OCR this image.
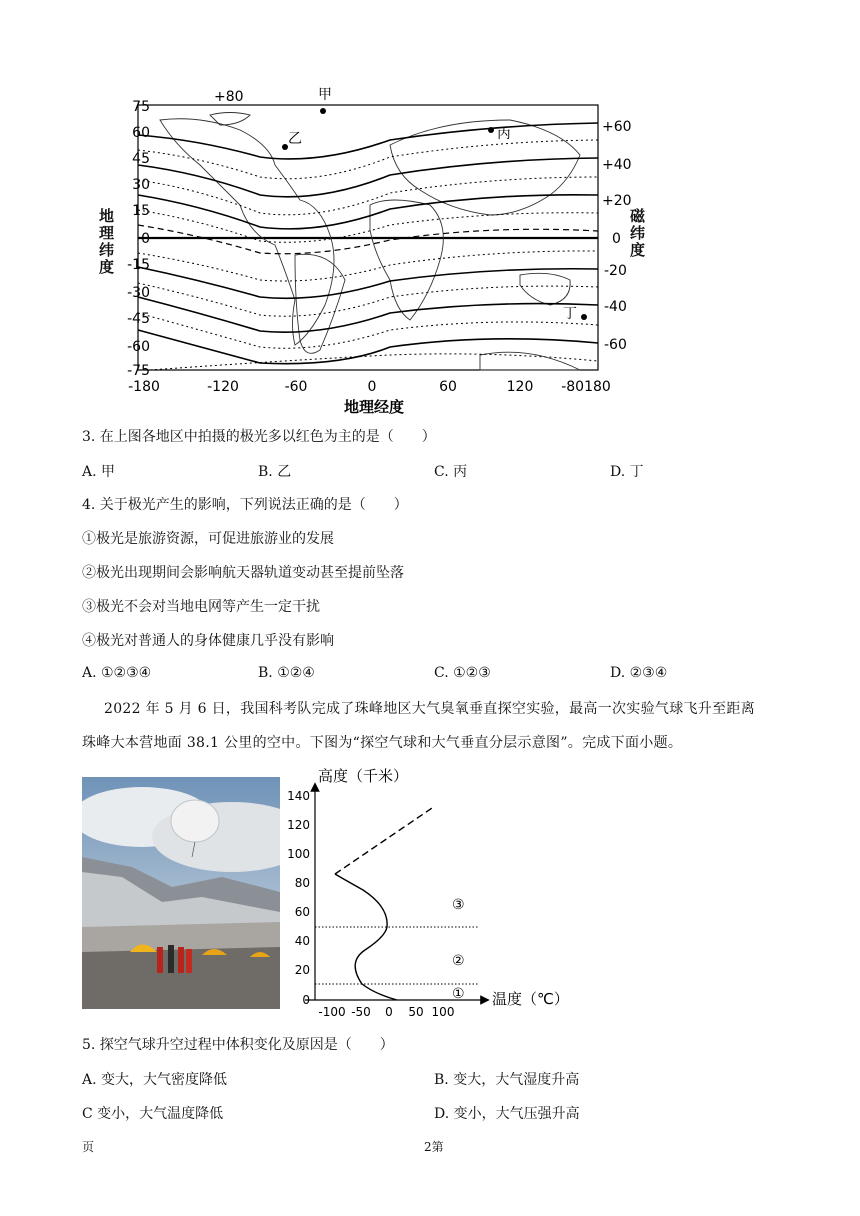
甲
乙	丙
丁
+80
75
60
45
30
15
0
-15
-30
-45
-60
-75
+60
+40
+20
0
-20
-40
-60
-180	-120	-60	0	60	120 -80180
地理经度
地理纬度
磁纬度
3. 在上图各地区中拍摄的极光多以红色为主的是（　　）
A. 甲	B. 乙	C. 丙	D. 丁
4. 关于极光产生的影响，下列说法正确的是（　　）
①极光是旅游资源，可促进旅游业的发展
②极光出现期间会影响航天器轨道变动甚至提前坠落
③极光不会对当地电网等产生一定干扰
④极光对普通人的身体健康几乎没有影响
A. ①②③④	B. ①②④	C. ①②③	D. ②③④
2022 年 5 月 6 日，我国科考队完成了珠峰地区大气臭氧垂直探空实验，最高一次实验气球飞升至距离
珠峰大本营地面 38.1 公里的空中。下图为“探空气球和大气垂直分层示意图”。完成下面小题。
高度（千米）
温度（℃）
140
120
100
80
60
40
20
0
-100 -50 0 50 100
①
②
③
5. 探空气球升空过程中体积变化及原因是（　　）
A. 变大，大气密度降低	B. 变大，大气湿度升高
C 变小，大气温度降低	D. 变小，大气压强升高
页	2第
